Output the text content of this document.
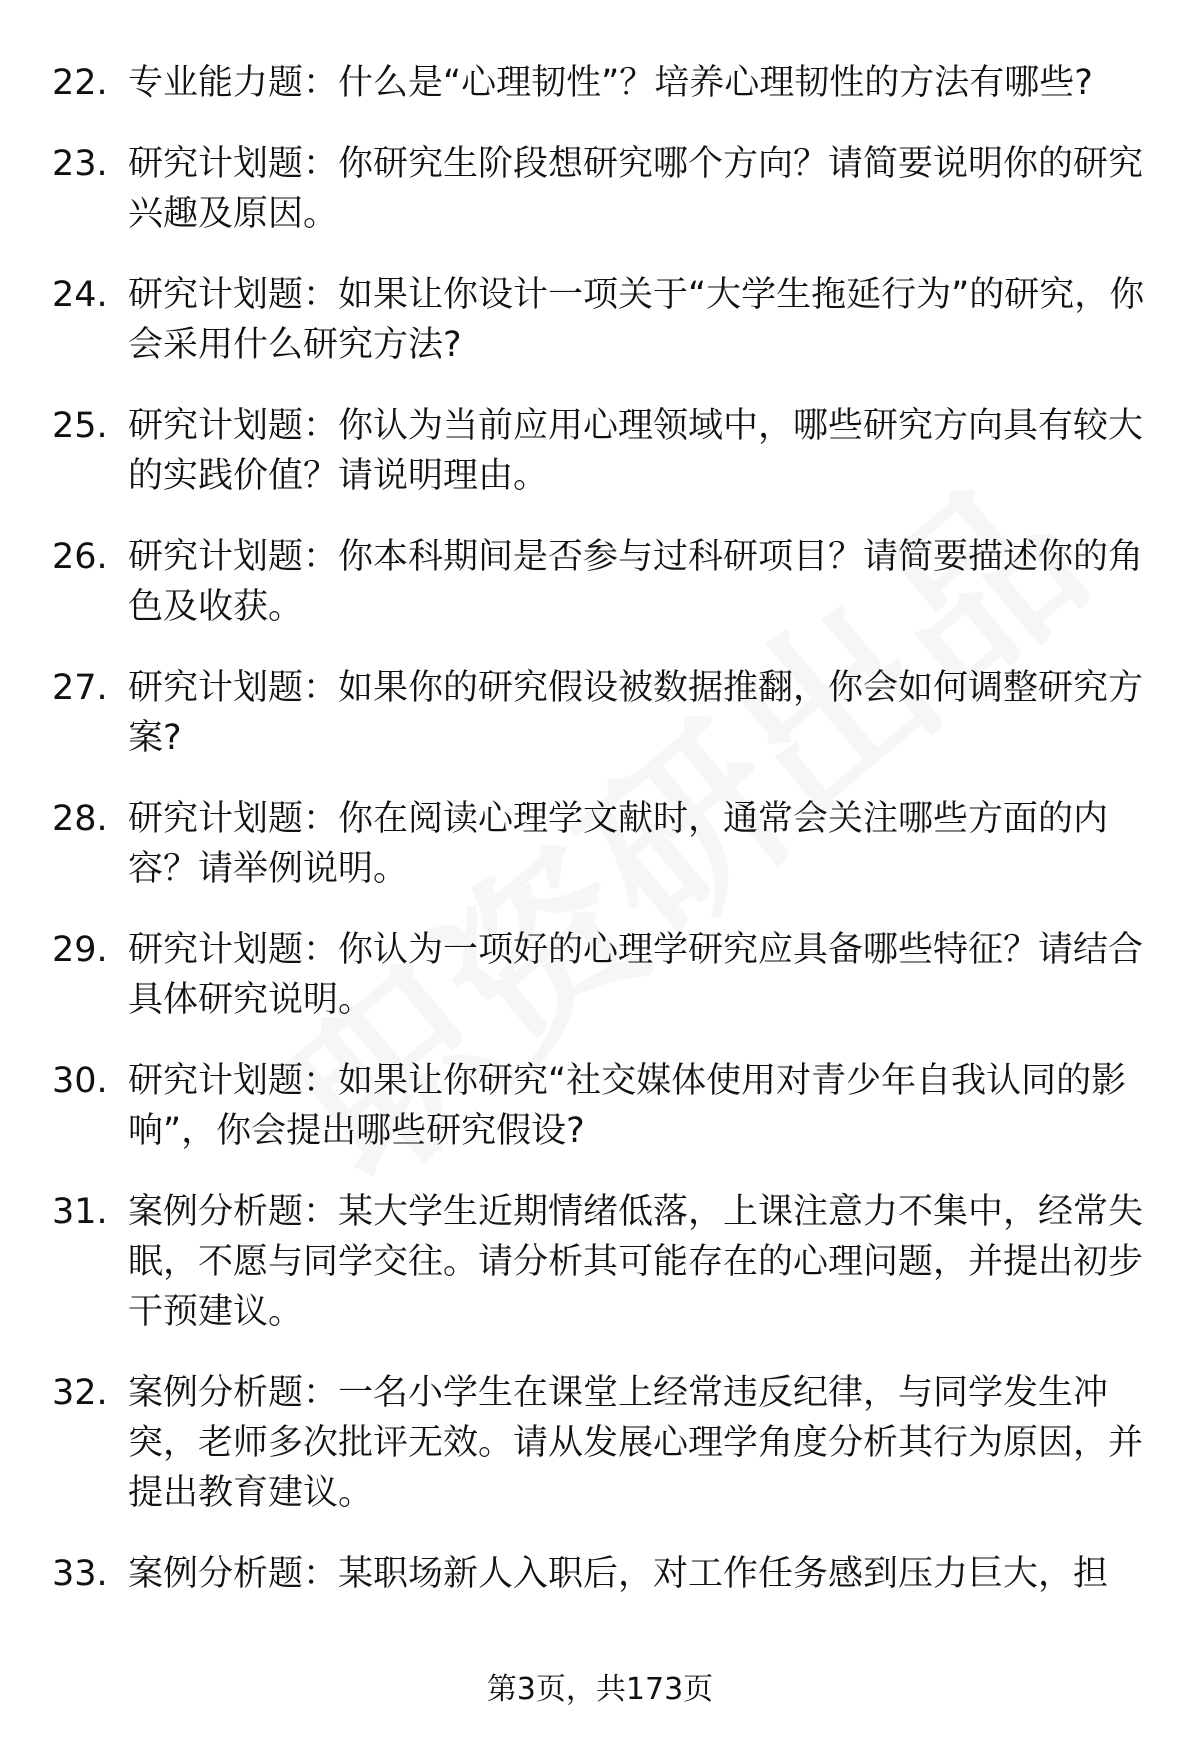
22. 专业能力题：什么是“心理韧性”？培养心理韧性的方法有哪些?
23. 研究计划题：你研究生阶段想研究哪个方向？请简要说明你的研究兴趣及原因。
24. 研究计划题：如果让你设计一项关于“大学生拖延行为”的研究，你会采用什么研究方法?
25. 研究计划题：你认为当前应用心理领域中，哪些研究方向具有较大的实践价值？请说明理由。
26. 研究计划题：你本科期间是否参与过科研项目？请简要描述你的角色及收获。
27. 研究计划题：如果你的研究假设被数据推翻，你会如何调整研究方案?
28. 研究计划题：你在阅读心理学文献时，通常会关注哪些方面的内容？请举例说明。
29. 研究计划题：你认为一项好的心理学研究应具备哪些特征？请结合具体研究说明。
30. 研究计划题：如果让你研究“社交媒体使用对青少年自我认同的影响”，你会提出哪些研究假设?
31. 案例分析题：某大学生近期情绪低落，上课注意力不集中，经常失眠，不愿与同学交往。请分析其可能存在的心理问题，并提出初步干预建议。
32. 案例分析题：一名小学生在课堂上经常违反纪律，与同学发生冲突，老师多次批评无效。请从发展心理学角度分析其行为原因，并提出教育建议。
33. 案例分析题：某职场新人入职后，对工作任务感到压力巨大，担
第3页，共173页
